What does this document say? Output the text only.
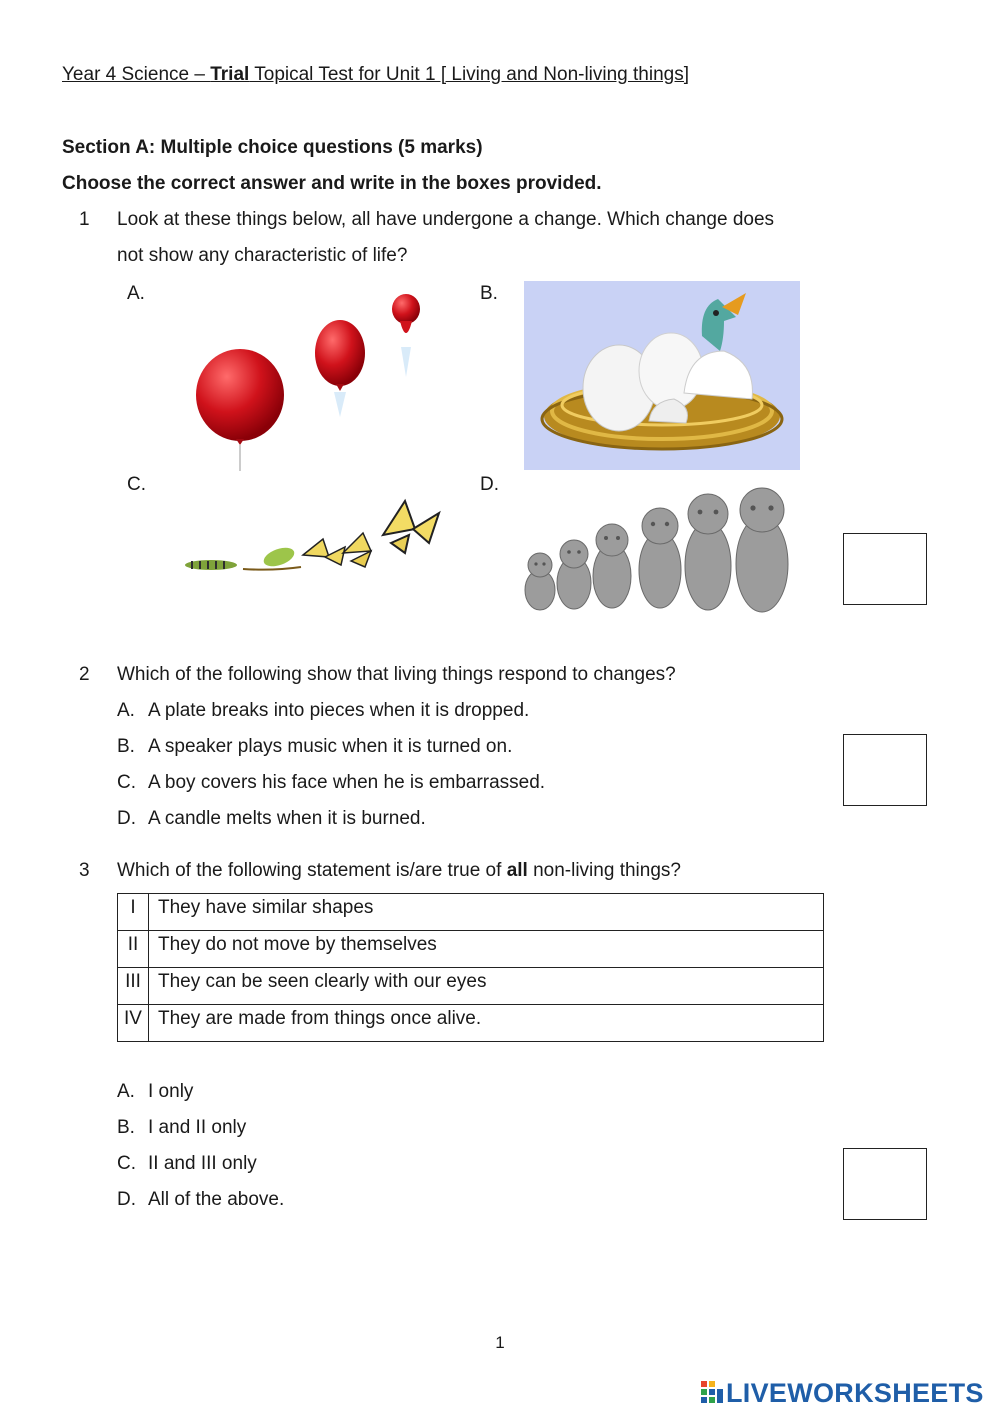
Year 4 Science – Trial Topical Test for Unit 1 [ Living and Non-living things]
Section A: Multiple choice questions (5 marks)
Choose the correct answer and write in the boxes provided.
1 Look at these things below, all have undergone a change. Which change does
not show any characteristic of life?
A.	B.
C.	D.
2 Which of the following show that living things respond to changes?
A. A plate breaks into pieces when it is dropped.
B. A speaker plays music when it is turned on.
C. A boy covers his face when he is embarrassed.
D. A candle melts when it is burned.
3 Which of the following statement is/are true of all non-living things?
I	They have similar shapes
II	They do not move by themselves
III	They can be seen clearly with our eyes
IV	They are made from things once alive.
A. I only
B. I and II only
C. II and III only
D. All of the above.
1
LIVEWORKSHEETS
